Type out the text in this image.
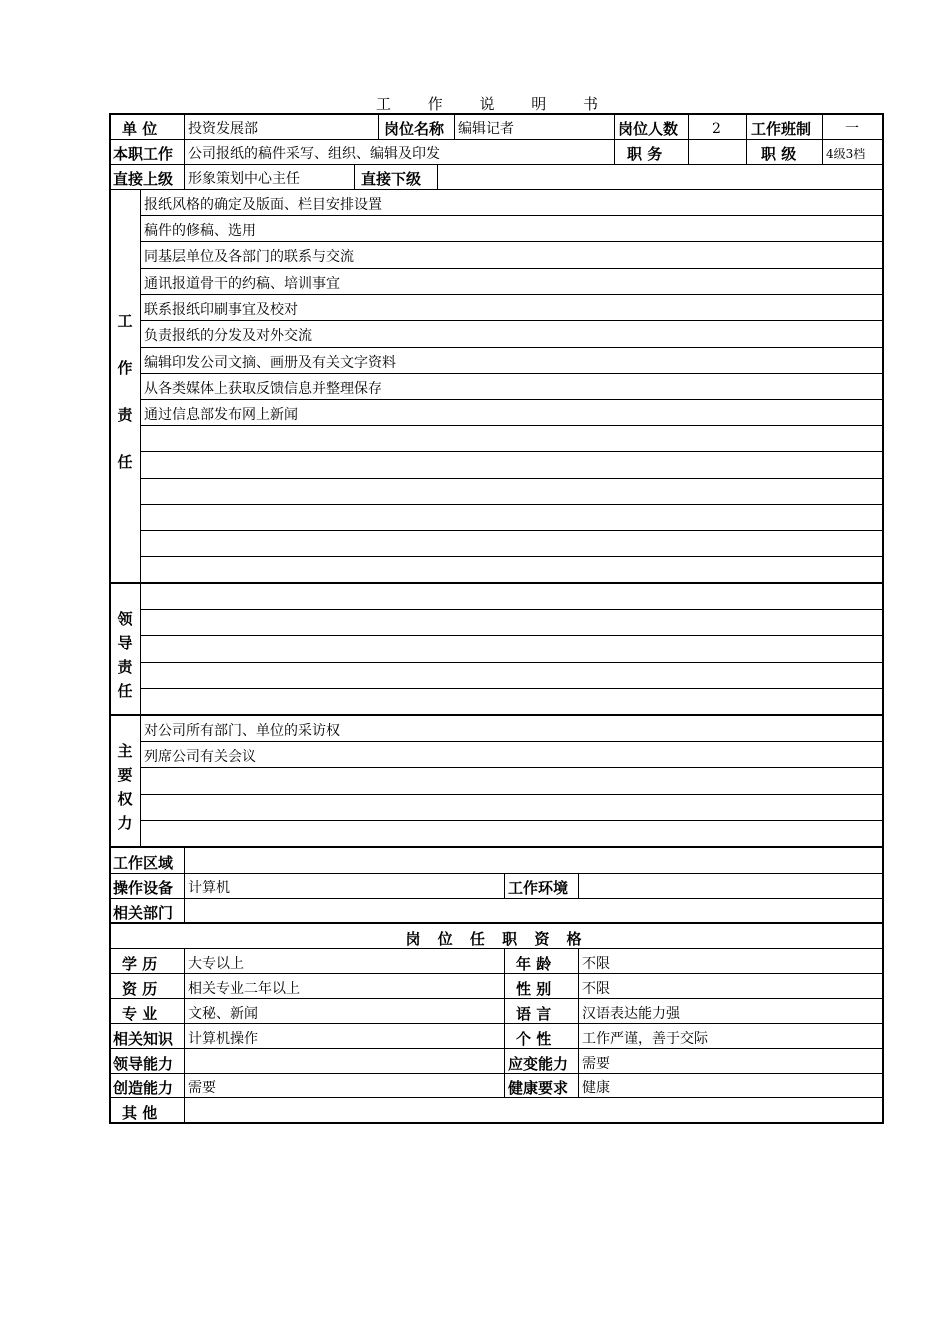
工 作 说 明 书
单 位 投资发展部	岗位名称 编辑记者	岗位人数 2 工作班制 一
本职工作 公司报纸的稿件采写、组织、编辑及印发	职 务	职 级 4级3档
直接上级 形象策划中心主任	直接下级
工
作
责
任
报纸风格的确定及版面、栏目安排设置
稿件的修稿、选用
同基层单位及各部门的联系与交流
通讯报道骨干的约稿、培训事宜
联系报纸印刷事宜及校对
负责报纸的分发及对外交流
编辑印发公司文摘、画册及有关文字资料
从各类媒体上获取反馈信息并整理保存
通过信息部发布网上新闻
领
导
责
任
主
要
权
力
对公司所有部门、单位的采访权
列席公司有关会议
工作区域
操作设备 计算机	工作环境
相关部门
岗 位 任 职 资 格
学 历 大专以上	年 龄 不限
资 历 相关专业二年以上	性 别 不限
专 业 文秘、新闻	语 言 汉语表达能力强
相关知识 计算机操作	个 性 工作严谨，善于交际
领导能力	应变能力 需要
创造能力 需要	健康要求 健康
其 他
